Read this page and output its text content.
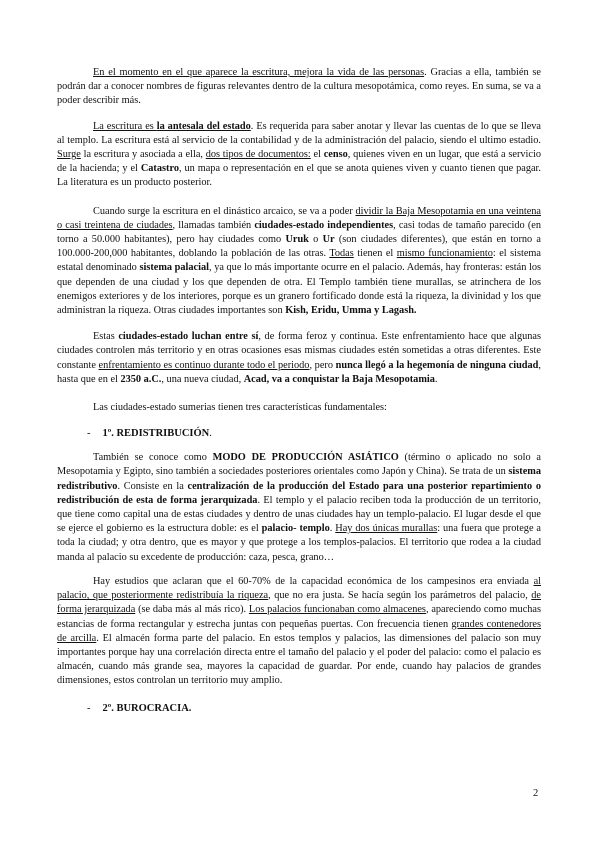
En el momento en el que aparece la escritura, mejora la vida de las personas. Gracias a ella, también se podrán dar a conocer nombres de figuras relevantes dentro de la cultura mesopotámica, como reyes. En suma, se va a poder describir más.

La escritura es la antesala del estado. Es requerida para saber anotar y llevar las cuentas de lo que se lleva al templo. La escritura está al servicio de la contabilidad y de la administración del palacio, siendo el ultimo estadio. Surge la escritura y asociada a ella, dos tipos de documentos: el censo, quienes viven en un lugar, que está a servicio de la hacienda; y el Catastro, un mapa o representación en el que se anota quienes viven y cuanto tienen que pagar. La literatura es un producto posterior.

Cuando surge la escritura en el dinástico arcaico, se va a poder dividir la Baja Mesopotamia en una veintena o casi treintena de ciudades, llamadas también ciudades-estado independientes, casi todas de tamaño parecido (en torno a 50.000 habitantes), pero hay ciudades como Uruk o Ur (son ciudades diferentes), que están en torno a 100.000-200,000 habitantes, doblando la población de las otras. Todas tienen el mismo funcionamiento: el sistema estatal denominado sistema palacial, ya que lo más importante ocurre en el palacio. Además, hay fronteras: están los que dependen de una ciudad y los que dependen de otra. El Templo también tiene murallas, se atrinchera de los enemigos exteriores y de los interiores, porque es un granero fortificado donde está la riqueza, la divinidad y los que administran la riqueza. Otras ciudades importantes son Kish, Eridu, Umma y Lagash.

Estas ciudades-estado luchan entre sí, de forma feroz y continua. Este enfrentamiento hace que algunas ciudades controlen más territorio y en otras ocasiones esas mismas ciudades estén sometidas a otras diferentes. Este constante enfrentamiento es continuo durante todo el periodo, pero nunca llegó a la hegemonía de ninguna ciudad, hasta que en el 2350 a.C., una nueva ciudad, Acad, va a conquistar la Baja Mesopotamia.

Las ciudades-estado sumerias tienen tres características fundamentales:

- 1º. REDISTRIBUCIÓN.

También se conoce como MODO DE PRODUCCIÓN ASIÁTICO (término o aplicado no solo a Mesopotamia y Egipto, sino también a sociedades posteriores orientales como Japón y China). Se trata de un sistema redistributivo. Consiste en la centralización de la producción del Estado para una posterior repartimiento o redistribución de esta de forma jerarquizada. El templo y el palacio reciben toda la producción de un territorio, que tiene como capital una de estas ciudades y dentro de unas ciudades hay un templo-palacio. El lugar desde el que se ejerce el gobierno es la estructura doble: es el palacio- templo. Hay dos únicas murallas: una fuera que protege a toda la ciudad; y otra dentro, que es mayor y que protege a los templos-palacios. El territorio que rodea a la ciudad manda al palacio su excedente de producción: caza, pesca, grano…

Hay estudios que aclaran que el 60-70% de la capacidad económica de los campesinos era enviada al palacio, que posteriormente redistribuía la riqueza, que no era justa. Se hacía según los parámetros del palacio, de forma jerarquizada (se daba más al más rico). Los palacios funcionaban como almacenes, apareciendo como muchas estancias de forma rectangular y estrecha juntas con pequeñas puertas. Con frecuencia tienen grandes contenedores de arcilla. El almacén forma parte del palacio. En estos templos y palacios, las dimensiones del palacio son muy importantes porque hay una correlación directa entre el tamaño del palacio y el poder del palacio: como el palacio es almacén, cuando más grande sea, mayores la capacidad de guardar. Por ende, cuando hay palacios de grandes dimensiones, estos controlan un territorio muy amplio.

- 2º. BUROCRACIA.
2
